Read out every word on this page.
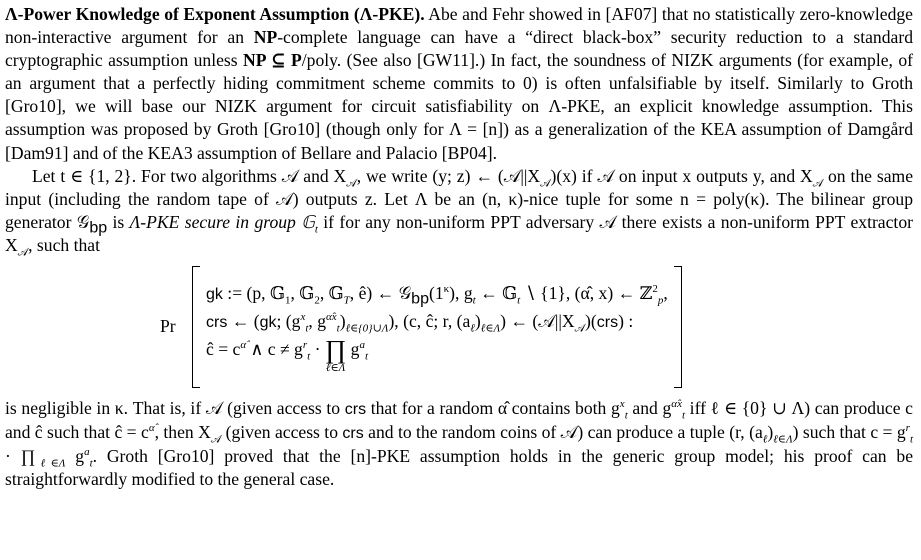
Λ-Power Knowledge of Exponent Assumption (Λ-PKE). Abe and Fehr showed in [AF07] that no statistically zero-knowledge non-interactive argument for an NP-complete language can have a “direct black-box” security reduction to a standard cryptographic assumption unless NP ⊆ P/poly. (See also [GW11].) In fact, the soundness of NIZK arguments (for example, of an argument that a perfectly hiding commitment scheme commits to 0) is often unfalsifiable by itself. Similarly to Groth [Gro10], we will base our NIZK argument for circuit satisfiability on Λ-PKE, an explicit knowledge assumption. This assumption was proposed by Groth [Gro10] (though only for Λ = [n]) as a generalization of the KEA assumption of Damgård [Dam91] and of the KEA3 assumption of Bellare and Palacio [BP04].

Let t ∈ {1, 2}. For two algorithms 𝒜 and $X_𝒜$, we write (y; z) ← $(𝒜||X_𝒜)(x)$ if 𝒜 on input x outputs y, and $X_𝒜$ on the same input (including the random tape of 𝒜) outputs z. Let Λ be an (n, κ)-nice tuple for some n = poly(κ). The bilinear group generator 𝒢$_{bp}$ is Λ-PKE secure in group 𝔾$_t$ if for any non-uniform PPT adversary 𝒜 there exists a non-uniform PPT extractor $X_𝒜$, such that

Pr
gk := (p, 𝔾$_1$, 𝔾$_2$, 𝔾$_T$, ê) ← $𝒢_{bp}(1^\kappa)$, $g_t$ ← 𝔾$_t$ ∖ {1}, (α̂, x) ← ℤ$^2_p$,
crs ← (gk; ($g^x_t$, $g^{\alphâx}_t)_{\ell\in\{0\}\cup\Lambda}$), (c, ĉ; r, $(a_\ell)_{\ell\in\Lambda}$) ← $(𝒜||X_𝒜)(crs)$ :
ĉ = $c^{\alphâ}$ ∧ $c \ne g^r_t$ · ∏
ℓ∈Λ
$g^a_t$

is negligible in κ. That is, if 𝒜 (given access to crs that for a random α̂ contains both $g^x_t$ and $g^{\alphâx}_t$ iff ℓ ∈ {0} ∪ Λ) can produce c and ĉ such that ĉ = $c^{\alphâ}$, then $X_𝒜$ (given access to crs and to the random coins of 𝒜) can produce a tuple (r, $(a_\ell)_{\ell\in\Lambda}$) such that $c = g^r_t$ · $\prod_{\ell\in\Lambda}$ $g^a_t$. Groth [Gro10] proved that the [n]-PKE assumption holds in the generic group model; his proof can be straightforwardly modified to the general case.
